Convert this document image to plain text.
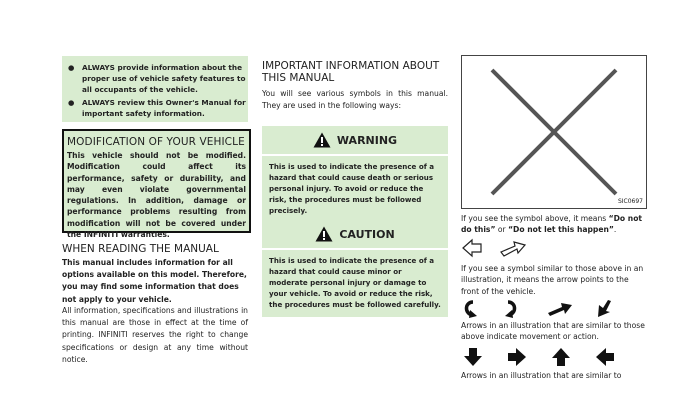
● ALWAYS provide information about the proper use of vehicle safety features to all occupants of the vehicle.
● ALWAYS review this Owner's Manual for important safety information.
MODIFICATION OF YOUR VEHICLE
This vehicle should not be modified. Modification could affect its performance, safety or durability, and may even violate governmental regulations. In addition, damage or performance problems resulting from modification will not be covered under the INFINITI warranties.
WHEN READING THE MANUAL
This manual includes information for all options available on this model. Therefore, you may find some information that does not apply to your vehicle.
All information, specifications and illustrations in this manual are those in effect at the time of printing. INFINITI reserves the right to change specifications or design at any time without notice.
IMPORTANT INFORMATION ABOUT THIS MANUAL
You will see various symbols in this manual. They are used in the following ways:
WARNING
This is used to indicate the presence of a hazard that could cause death or serious personal injury. To avoid or reduce the risk, the procedures must be followed precisely.
CAUTION
This is used to indicate the presence of a hazard that could cause minor or moderate personal injury or damage to your vehicle. To avoid or reduce the risk, the procedures must be followed carefully.
SIC0697
If you see the symbol above, it means “Do not do this” or “Do not let this happen”.
If you see a symbol similar to those above in an illustration, it means the arrow points to the front of the vehicle.
Arrows in an illustration that are similar to those above indicate movement or action.
Arrows in an illustration that are similar to
